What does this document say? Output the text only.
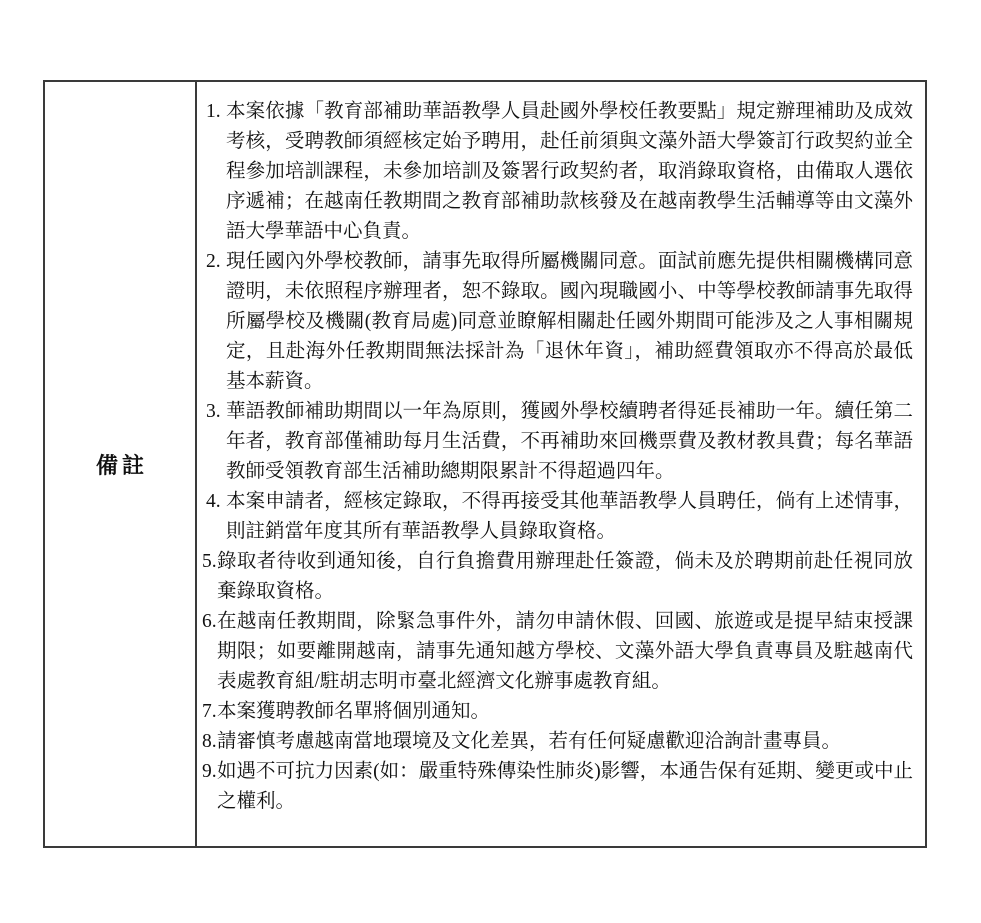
備註
1. 本案依據「教育部補助華語教學人員赴國外學校任教要點」規定辦理補助及成效考核，受聘教師須經核定始予聘用，赴任前須與文藻外語大學簽訂行政契約並全程參加培訓課程，未參加培訓及簽署行政契約者，取消錄取資格，由備取人選依序遞補；在越南任教期間之教育部補助款核發及在越南教學生活輔導等由文藻外語大學華語中心負責。
2. 現任國內外學校教師，請事先取得所屬機關同意。面試前應先提供相關機構同意證明，未依照程序辦理者，恕不錄取。國內現職國小、中等學校教師請事先取得所屬學校及機關(教育局處)同意並瞭解相關赴任國外期間可能涉及之人事相關規定，且赴海外任教期間無法採計為「退休年資」，補助經費領取亦不得高於最低基本薪資。
3. 華語教師補助期間以一年為原則，獲國外學校續聘者得延長補助一年。續任第二年者，教育部僅補助每月生活費，不再補助來回機票費及教材教具費；每名華語教師受領教育部生活補助總期限累計不得超過四年。
4. 本案申請者，經核定錄取，不得再接受其他華語教學人員聘任，倘有上述情事，則註銷當年度其所有華語教學人員錄取資格。
5. 錄取者待收到通知後，自行負擔費用辦理赴任簽證，倘未及於聘期前赴任視同放棄錄取資格。
6. 在越南任教期間，除緊急事件外，請勿申請休假、回國、旅遊或是提早結束授課期限；如要離開越南，請事先通知越方學校、文藻外語大學負責專員及駐越南代表處教育組/駐胡志明市臺北經濟文化辦事處教育組。
7. 本案獲聘教師名單將個別通知。
8. 請審慎考慮越南當地環境及文化差異，若有任何疑慮歡迎洽詢計畫專員。
9. 如遇不可抗力因素(如：嚴重特殊傳染性肺炎)影響，本通告保有延期、變更或中止之權利。
